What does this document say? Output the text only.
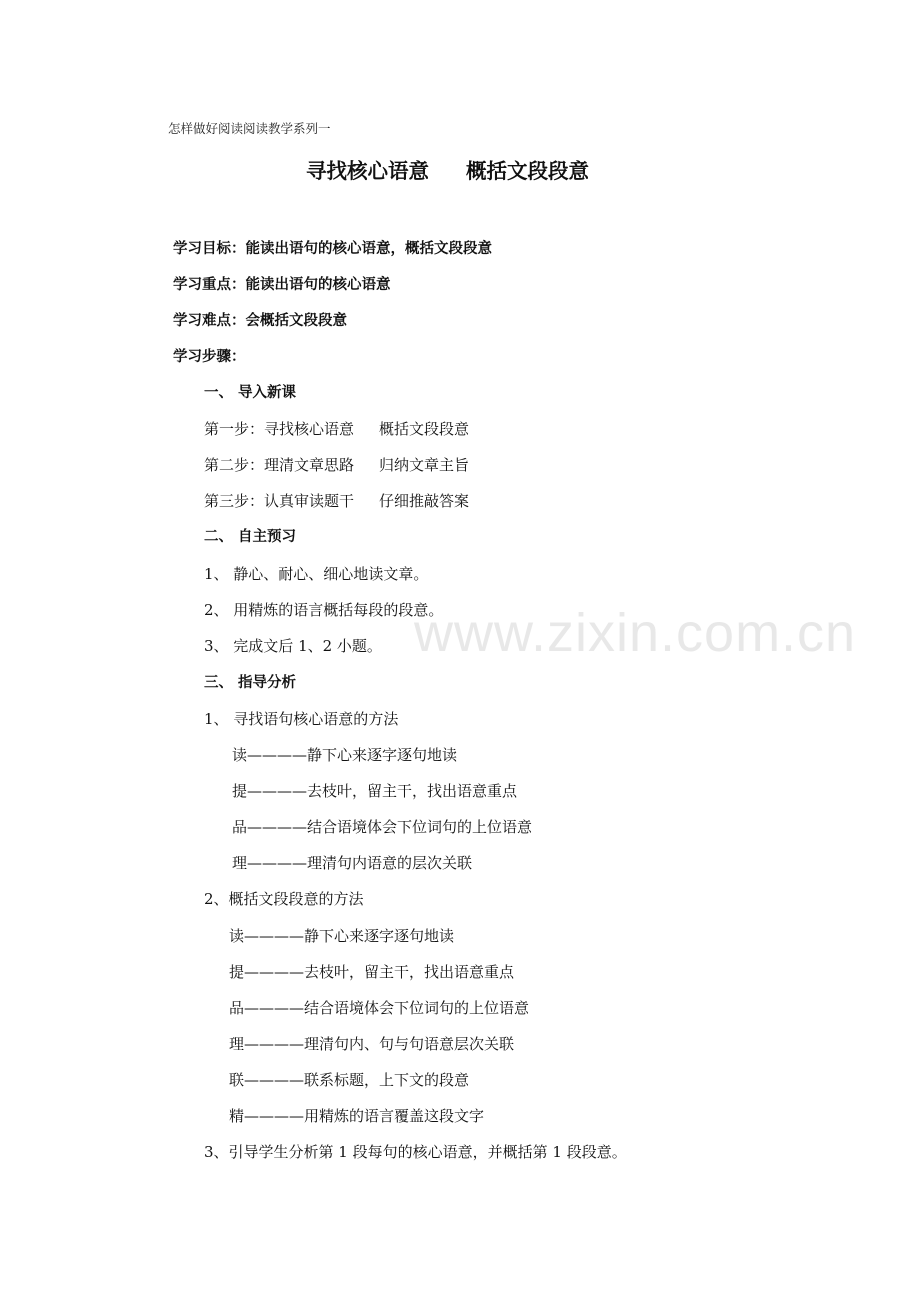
怎样做好阅读阅读教学系列一
寻找核心语意 概括文段段意
学习目标：能读出语句的核心语意，概括文段段意
学习重点：能读出语句的核心语意
学习难点：会概括文段段意
学习步骤：
一、 导入新课
第一步：寻找核心语意 概括文段段意
第二步：理清文章思路 归纳文章主旨
第三步：认真审读题干 仔细推敲答案
二、 自主预习
1、 静心、耐心、细心地读文章。
2、 用精炼的语言概括每段的段意。
3、 完成文后 1、2 小题。
三、 指导分析
1、 寻找语句核心语意的方法
读————静下心来逐字逐句地读
提————去枝叶，留主干，找出语意重点
品————结合语境体会下位词句的上位语意
理————理清句内语意的层次关联
2、概括文段段意的方法
读————静下心来逐字逐句地读
提————去枝叶，留主干，找出语意重点
品————结合语境体会下位词句的上位语意
理————理清句内、句与句语意层次关联
联————联系标题，上下文的段意
精————用精炼的语言覆盖这段文字
3、引导学生分析第 1 段每句的核心语意，并概括第 1 段段意。
www.zixin.com.cn
